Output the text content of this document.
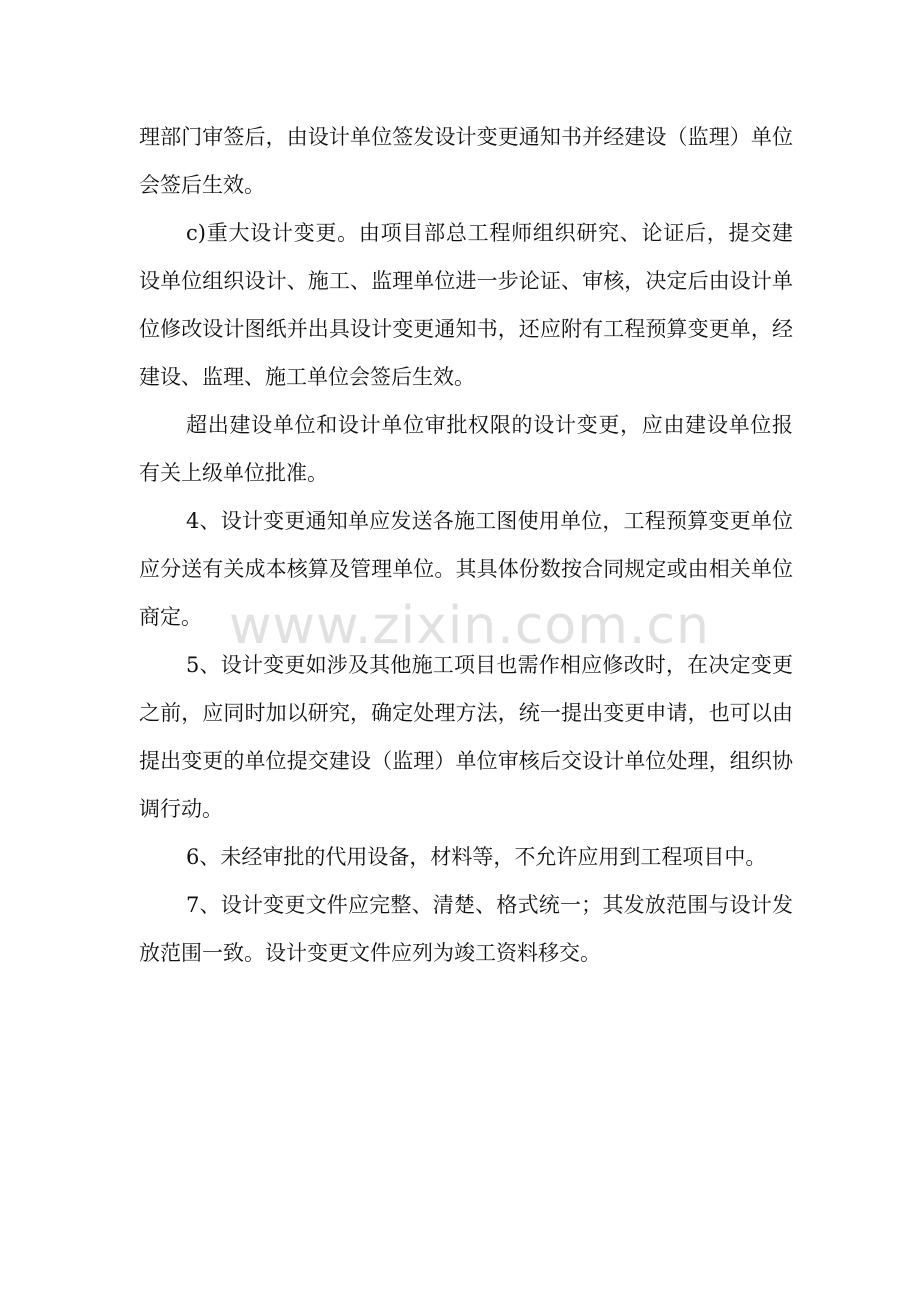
理部门审签后，由设计单位签发设计变更通知书并经建设（监理）单位会签后生效。

c)重大设计变更。由项目部总工程师组织研究、论证后，提交建设单位组织设计、施工、监理单位进一步论证、审核，决定后由设计单位修改设计图纸并出具设计变更通知书，还应附有工程预算变更单，经建设、监理、施工单位会签后生效。

超出建设单位和设计单位审批权限的设计变更，应由建设单位报有关上级单位批准。

4、设计变更通知单应发送各施工图使用单位，工程预算变更单位应分送有关成本核算及管理单位。其具体份数按合同规定或由相关单位商定。

5、设计变更如涉及其他施工项目也需作相应修改时，在决定变更之前，应同时加以研究，确定处理方法，统一提出变更申请，也可以由提出变更的单位提交建设（监理）单位审核后交设计单位处理，组织协调行动。

6、未经审批的代用设备，材料等，不允许应用到工程项目中。

7、设计变更文件应完整、清楚、格式统一；其发放范围与设计发放范围一致。设计变更文件应列为竣工资料移交。

www.zixin.com.cn
